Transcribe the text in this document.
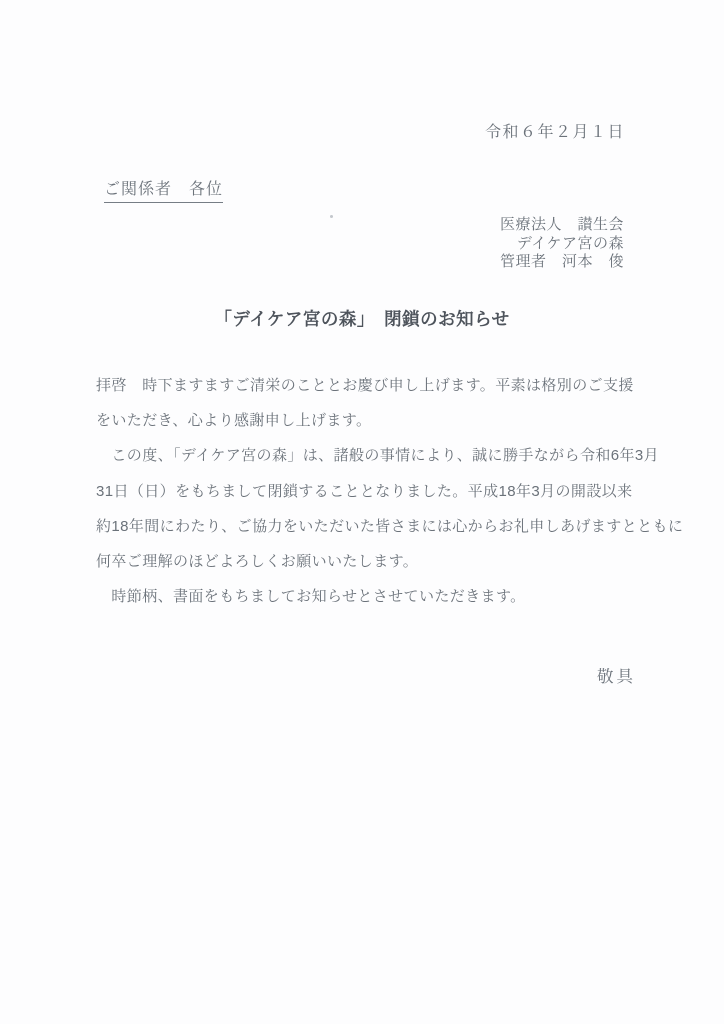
令和６年２月１日
ご関係者　各位
医療法人　讃生会
デイケア宮の森
管理者　河本　俊
「デイケア宮の森」　閉鎖のお知らせ
拝啓　時下ますますご清栄のこととお慶び申し上げます。平素は格別のご支援
をいただき、心より感謝申し上げます。
　この度、「デイケア宮の森」は、諸般の事情により、誠に勝手ながら令和6年3月
31日（日）をもちまして閉鎖することとなりました。平成18年3月の開設以来
約18年間にわたり、ご協力をいただいた皆さまには心からお礼申しあげますとともに
何卒ご理解のほどよろしくお願いいたします。
　時節柄、書面をもちましてお知らせとさせていただきます。
敬具
